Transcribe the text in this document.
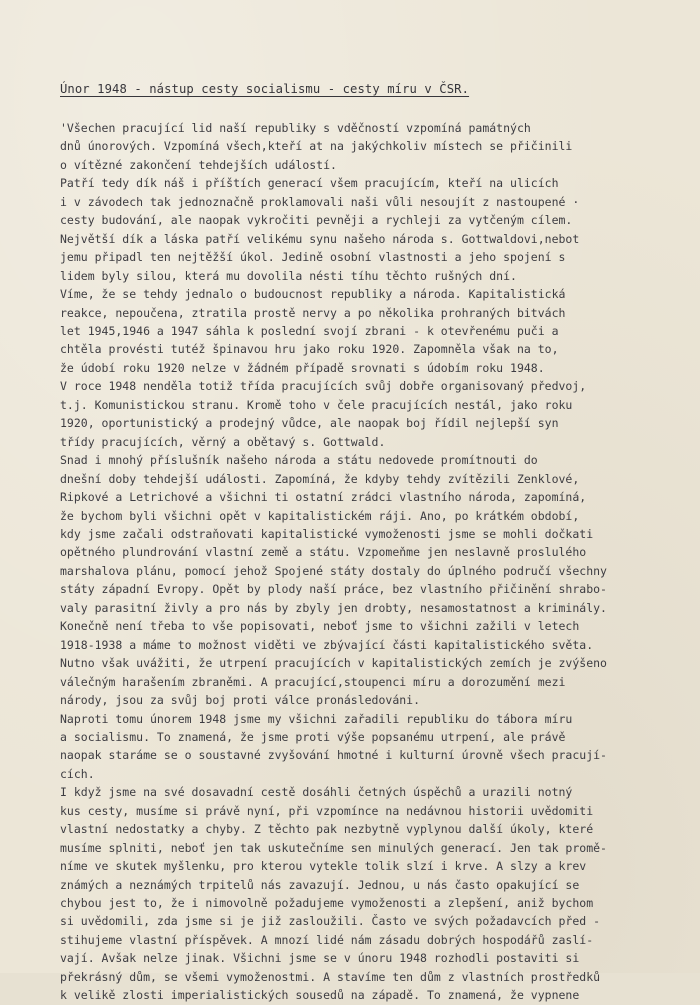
Únor 1948 - nástup cesty socialismu - cesty míru v ČSR.
'Všechen pracující lid naší republiky s vděčností vzpomíná památných
dnů únorových. Vzpomíná všech,kteří at na jakýchkoliv místech se přičinili
o vítězné zakončení tehdejších událostí.
Patří tedy dík náš i příštích generací všem pracujícím, kteří na ulicích
i v závodech tak jednoznačně proklamovali naši vůli nesoujít z nastoupené ·
cesty budování, ale naopak vykročiti pevněji a rychleji za vytčeným cílem.
Největší dík a láska patří velikému synu našeho národa s. Gottwaldovi,nebot
jemu připadl ten nejtěžší úkol. Jedině osobní vlastnosti a jeho spojení s
lidem byly silou, která mu dovolila nésti tíhu těchto rušných dní.
Víme, že se tehdy jednalo o budoucnost republiky a národa. Kapitalistická
reakce, nepoučena, ztratila prostě nervy a po několika prohraných bitvách
let 1945,1946 a 1947 sáhla k poslední svojí zbrani - k otevřenému puči a
chtěla provésti tutéž špinavou hru jako roku 1920. Zapomněla však na to,
že údobí roku 1920 nelze v žádném případě srovnati s údobím roku 1948.
V roce 1948 nenděla totiž třída pracujících svůj dobře organisovaný předvoj,
t.j. Komunistickou stranu. Kromě toho v čele pracujících nestál, jako roku
1920, oportunistický a prodejný vůdce, ale naopak boj řídil nejlepší syn
třídy pracujících, věrný a obětavý s. Gottwald.
Snad i mnohý příslušník našeho národa a státu nedovede promítnouti do
dnešní doby tehdejší události. Zapomíná, že kdyby tehdy zvítězili Zenklové,
Ripkové a Letrichové a všichni ti ostatní zrádci vlastního národa, zapomíná,
že bychom byli všichni opět v kapitalistickém ráji. Ano, po krátkém období,
kdy jsme začali odstraňovati kapitalistické vymoženosti jsme se mohli dočkati
opětného plundrování vlastní země a státu. Vzpomeňme jen neslavně proslulého
marshalova plánu, pomocí jehož Spojené státy dostaly do úplného područí všechny
státy západní Evropy. Opět by plody naší práce, bez vlastního přičinění shrabo-
valy parasitní živly a pro nás by zbyly jen drobty, nesamostatnost a kriminály.
Konečně není třeba to vše popisovati, neboť jsme to všichni zažili v letech
1918-1938 a máme to možnost viděti ve zbývající části kapitalistického světa.
Nutno však uvážiti, že utrpení pracujících v kapitalistických zemích je zvýšeno
válečným harašením zbraněmi. A pracující,stoupenci míru a dorozumění mezi
národy, jsou za svůj boj proti válce pronásledováni.
Naproti tomu únorem 1948 jsme my všichni zařadili republiku do tábora míru
a socialismu. To znamená, že jsme proti výše popsanému utrpení, ale právě
naopak staráme se o soustavné zvyšování hmotné i kulturní úrovně všech pracují-
cích.
I když jsme na své dosavadní cestě dosáhli četných úspěchů a urazili notný
kus cesty, musíme si právě nyní, při vzpomínce na nedávnou historii uvědomiti
vlastní nedostatky a chyby. Z těchto pak nezbytně vyplynou další úkoly, které
musíme splniti, neboť jen tak uskutečníme sen minulých generací. Jen tak promě-
níme ve skutek myšlenku, pro kterou vytekle tolik slzí i krve. A slzy a krev
známých a neznámých trpitelů nás zavazují. Jednou, u nás často opakující se
chybou jest to, že i nimovolně požadujeme vymoženosti a zlepšení, aniž bychom
si uvědomili, zda jsme si je již zasloužili. Často ve svých požadavcích před -
stihujeme vlastní příspěvek. A mnozí lidé nám zásadu dobrých hospodářů zaslí-
vají. Avšak nelze jinak. Všichni jsme se v únoru 1948 rozhodli postaviti si
překrásný dům, se všemi vymoženostmi. A stavíme ten dům z vlastních prostředků
k velikě zlosti imperialistických sousedů na západě. To znamená, že vypnene
